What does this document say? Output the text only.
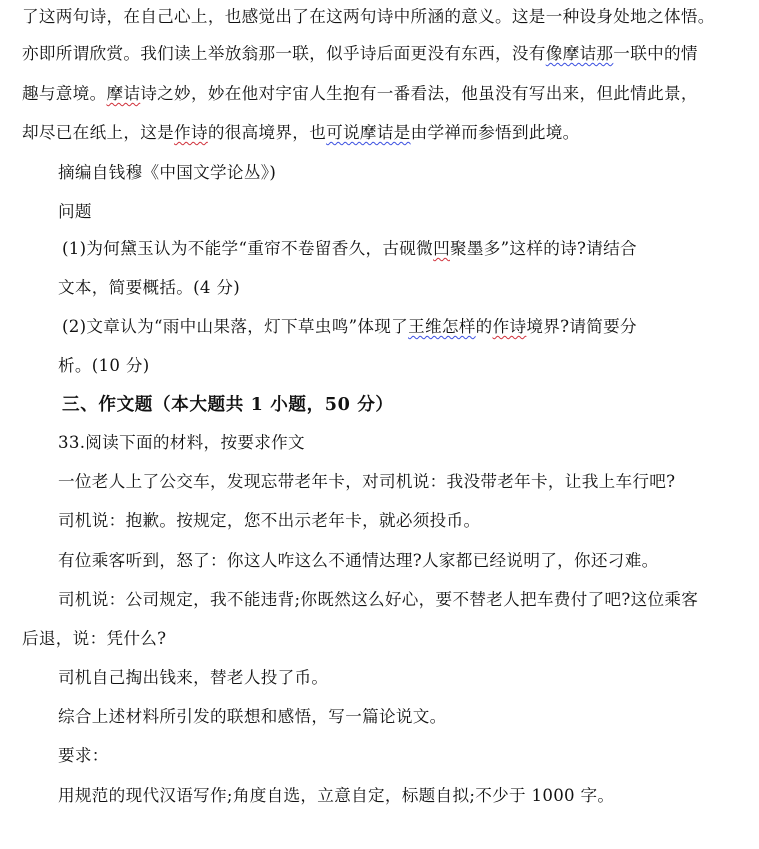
了这两句诗，在自己心上，也感觉出了在这两句诗中所涵的意义。这是一种设身处地之体悟。
亦即所谓欣赏。我们读上举放翁那一联，似乎诗后面更没有东西，没有像摩诘那一联中的情
趣与意境。摩诘诗之妙，妙在他对宇宙人生抱有一番看法，他虽没有写出来，但此情此景，
却尽已在纸上，这是作诗的很高境界，也可说摩诘是由学禅而参悟到此境。
摘编自钱穆《中国文学论丛》)
问题
(1)为何黛玉认为不能学“重帘不卷留香久，古砚微凹聚墨多”这样的诗?请结合
文本，简要概括。(4 分)
(2)文章认为“雨中山果落，灯下草虫鸣”体现了王维怎样的作诗境界?请简要分
析。(10 分)
三、作文题（本大题共 1 小题，50 分）
33.阅读下面的材料，按要求作文
一位老人上了公交车，发现忘带老年卡，对司机说：我没带老年卡，让我上车行吧?
司机说：抱歉。按规定，您不出示老年卡，就必须投币。
有位乘客听到，怒了：你这人咋这么不通情达理?人家都已经说明了，你还刁难。
司机说：公司规定，我不能违背;你既然这么好心，要不替老人把车费付了吧?这位乘客
后退，说：凭什么?
司机自己掏出钱来，替老人投了币。
综合上述材料所引发的联想和感悟，写一篇论说文。
要求：
用规范的现代汉语写作;角度自选，立意自定，标题自拟;不少于 1000 字。
